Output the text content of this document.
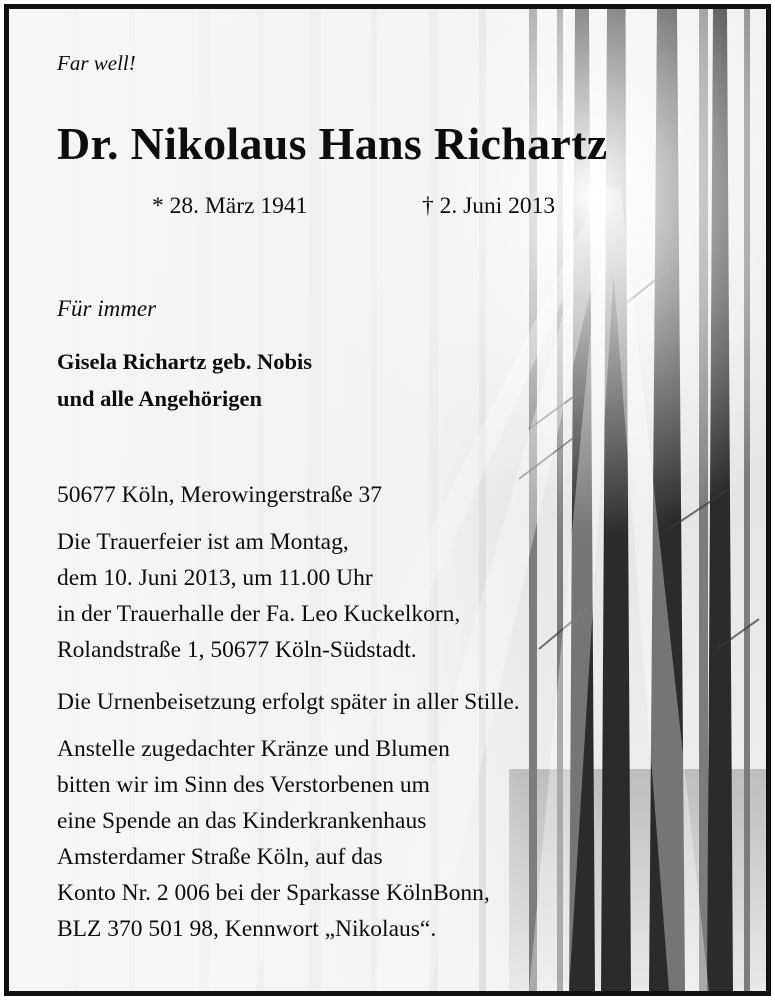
Far well!
Dr. Nikolaus Hans Richartz
* 28. März 1941	† 2. Juni 2013
Für immer
Gisela Richartz geb. Nobis
und alle Angehörigen
50677 Köln, Merowingerstraße 37
Die Trauerfeier ist am Montag,
dem 10. Juni 2013, um 11.00 Uhr
in der Trauerhalle der Fa. Leo Kuckelkorn,
Rolandstraße 1, 50677 Köln-Südstadt.
Die Urnenbeisetzung erfolgt später in aller Stille.
Anstelle zugedachter Kränze und Blumen
bitten wir im Sinn des Verstorbenen um
eine Spende an das Kinderkrankenhaus
Amsterdamer Straße Köln, auf das
Konto Nr. 2 006 bei der Sparkasse KölnBonn,
BLZ 370 501 98, Kennwort „Nikolaus“.
